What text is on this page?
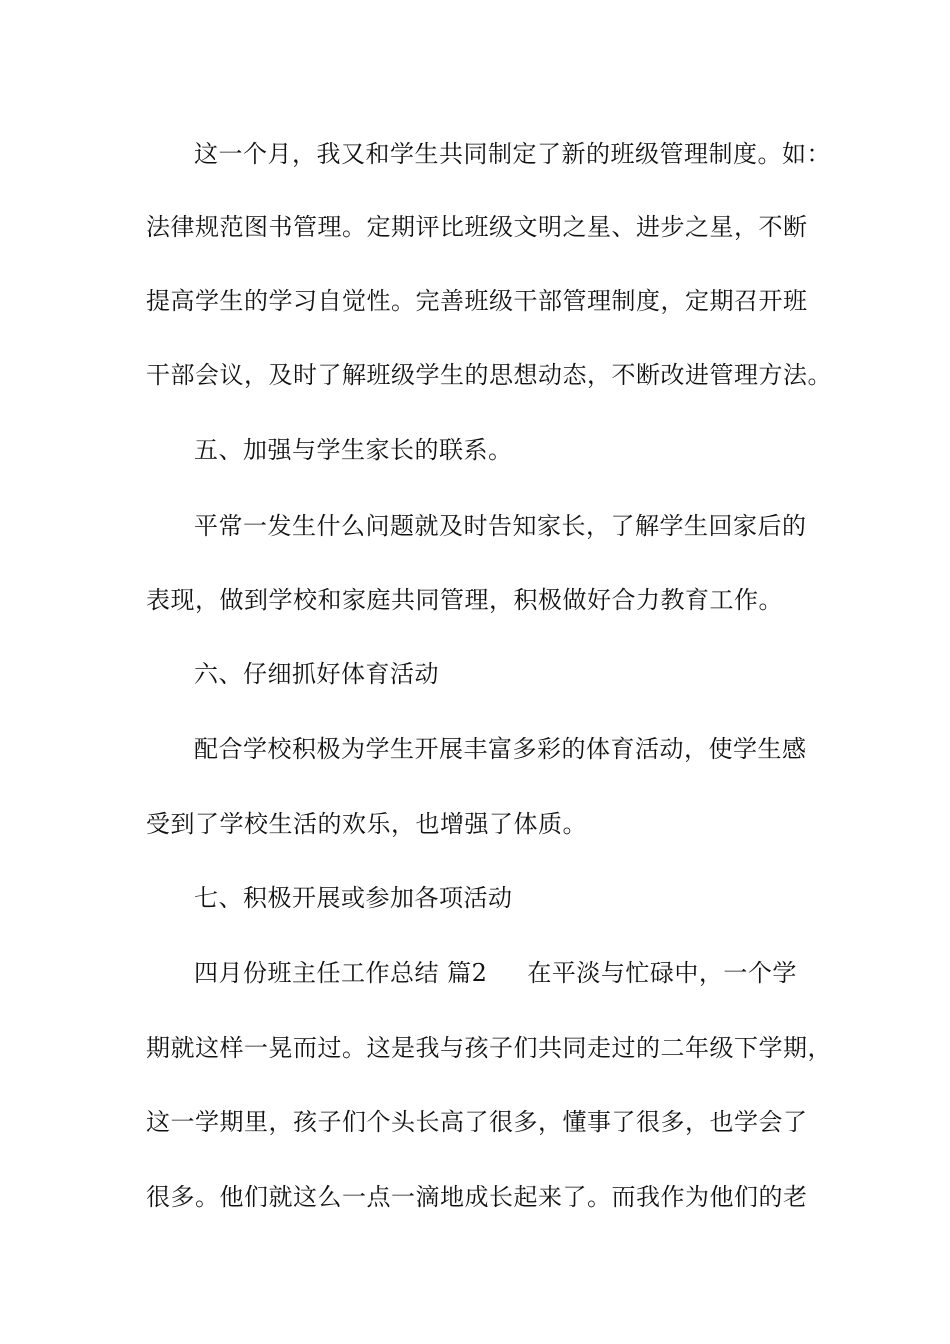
这一个月，我又和学生共同制定了新的班级管理制度。如：
法律规范图书管理。定期评比班级文明之星、进步之星，不断
提高学生的学习自觉性。完善班级干部管理制度，定期召开班
干部会议，及时了解班级学生的思想动态，不断改进管理方法。
五、加强与学生家长的联系。
平常一发生什么问题就及时告知家长，了解学生回家后的
表现，做到学校和家庭共同管理，积极做好合力教育工作。
六、仔细抓好体育活动
配合学校积极为学生开展丰富多彩的体育活动，使学生感
受到了学校生活的欢乐，也增强了体质。
七、积极开展或参加各项活动
四月份班主任工作总结 篇2 在平淡与忙碌中，一个学
期就这样一晃而过。这是我与孩子们共同走过的二年级下学期，
这一学期里，孩子们个头长高了很多，懂事了很多，也学会了
很多。他们就这么一点一滴地成长起来了。而我作为他们的老
